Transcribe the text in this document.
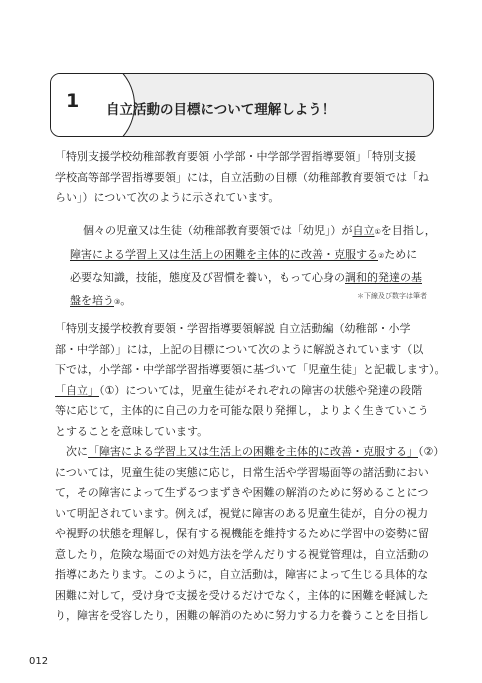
1 自立活動の目標について理解しよう！
「特別支援学校幼稚部教育要領 小学部・中学部学習指導要領」「特別支援
学校高等部学習指導要領」には，自立活動の目標（幼稚部教育要領では「ね
らい」）について次のように示されています。
個々の児童又は生徒（幼稚部教育要領では「幼児」）が自立①を目指し，
障害による学習上又は生活上の困難を主体的に改善・克服する②ために
必要な知識，技能，態度及び習慣を養い，もって心身の調和的発達の基
盤を培う③。	＊下線及び数字は筆者
「特別支援学校教育要領・学習指導要領解説 自立活動編（幼稚部・小学
部・中学部）」には，上記の目標について次のように解説されています（以
下では，小学部・中学部学習指導要領に基づいて「児童生徒」と記載します）。
「自立」（①）については，児童生徒がそれぞれの障害の状態や発達の段階
等に応じて，主体的に自己の力を可能な限り発揮し，よりよく生きていこう
とすることを意味しています。
次に「障害による学習上又は生活上の困難を主体的に改善・克服する」（②）
については，児童生徒の実態に応じ，日常生活や学習場面等の諸活動におい
て，その障害によって生ずるつまずきや困難の解消のために努めることにつ
いて明記されています。例えば，視覚に障害のある児童生徒が，自分の視力
や視野の状態を理解し，保有する視機能を維持するために学習中の姿勢に留
意したり，危険な場面での対処方法を学んだりする視覚管理は，自立活動の
指導にあたります。このように，自立活動は，障害によって生じる具体的な
困難に対して，受け身で支援を受けるだけでなく，主体的に困難を軽減した
り，障害を受容したり，困難の解消のために努力する力を養うことを目指し
012
